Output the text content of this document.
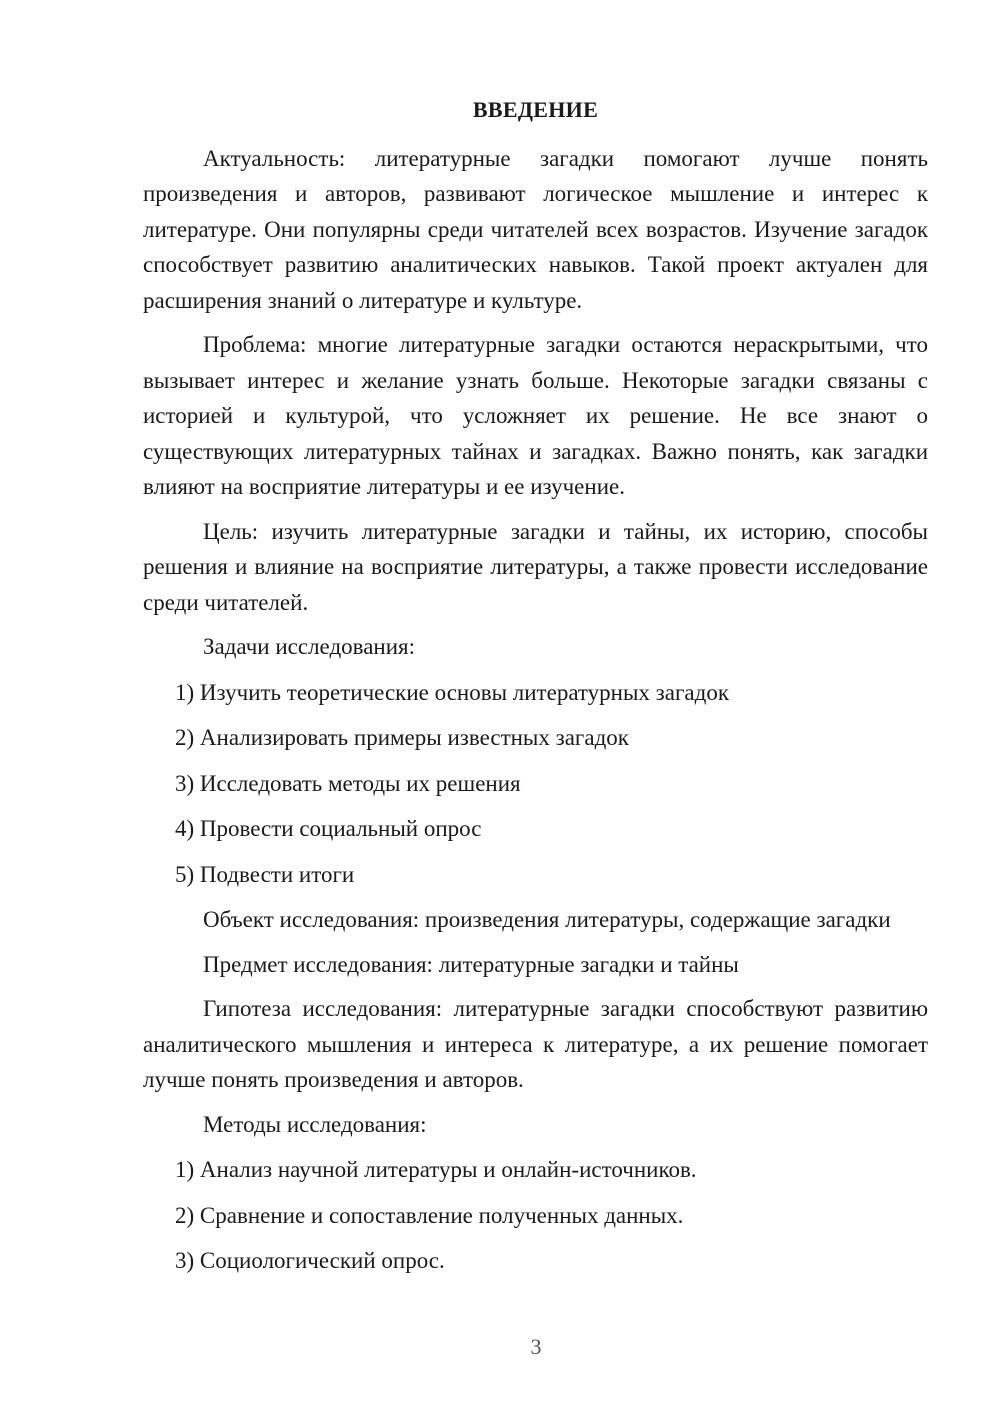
ВВЕДЕНИЕ

Актуальность: литературные загадки помогают лучше понять произведения и авторов, развивают логическое мышление и интерес к литературе. Они популярны среди читателей всех возрастов. Изучение загадок способствует развитию аналитических навыков. Такой проект актуален для расширения знаний о литературе и культуре.

Проблема: многие литературные загадки остаются нераскрытыми, что вызывает интерес и желание узнать больше. Некоторые загадки связаны с историей и культурой, что усложняет их решение. Не все знают о существующих литературных тайнах и загадках. Важно понять, как загадки влияют на восприятие литературы и ее изучение.

Цель: изучить литературные загадки и тайны, их историю, способы решения и влияние на восприятие литературы, а также провести исследование среди читателей.

Задачи исследования:

1) Изучить теоретические основы литературных загадок

2) Анализировать примеры известных загадок

3) Исследовать методы их решения

4) Провести социальный опрос

5) Подвести итоги

Объект исследования: произведения литературы, содержащие загадки

Предмет исследования: литературные загадки и тайны

Гипотеза исследования: литературные загадки способствуют развитию аналитического мышления и интереса к литературе, а их решение помогает лучше понять произведения и авторов.

Методы исследования:

1) Анализ научной литературы и онлайн-источников.

2) Сравнение и сопоставление полученных данных.

3) Социологический опрос.

3
